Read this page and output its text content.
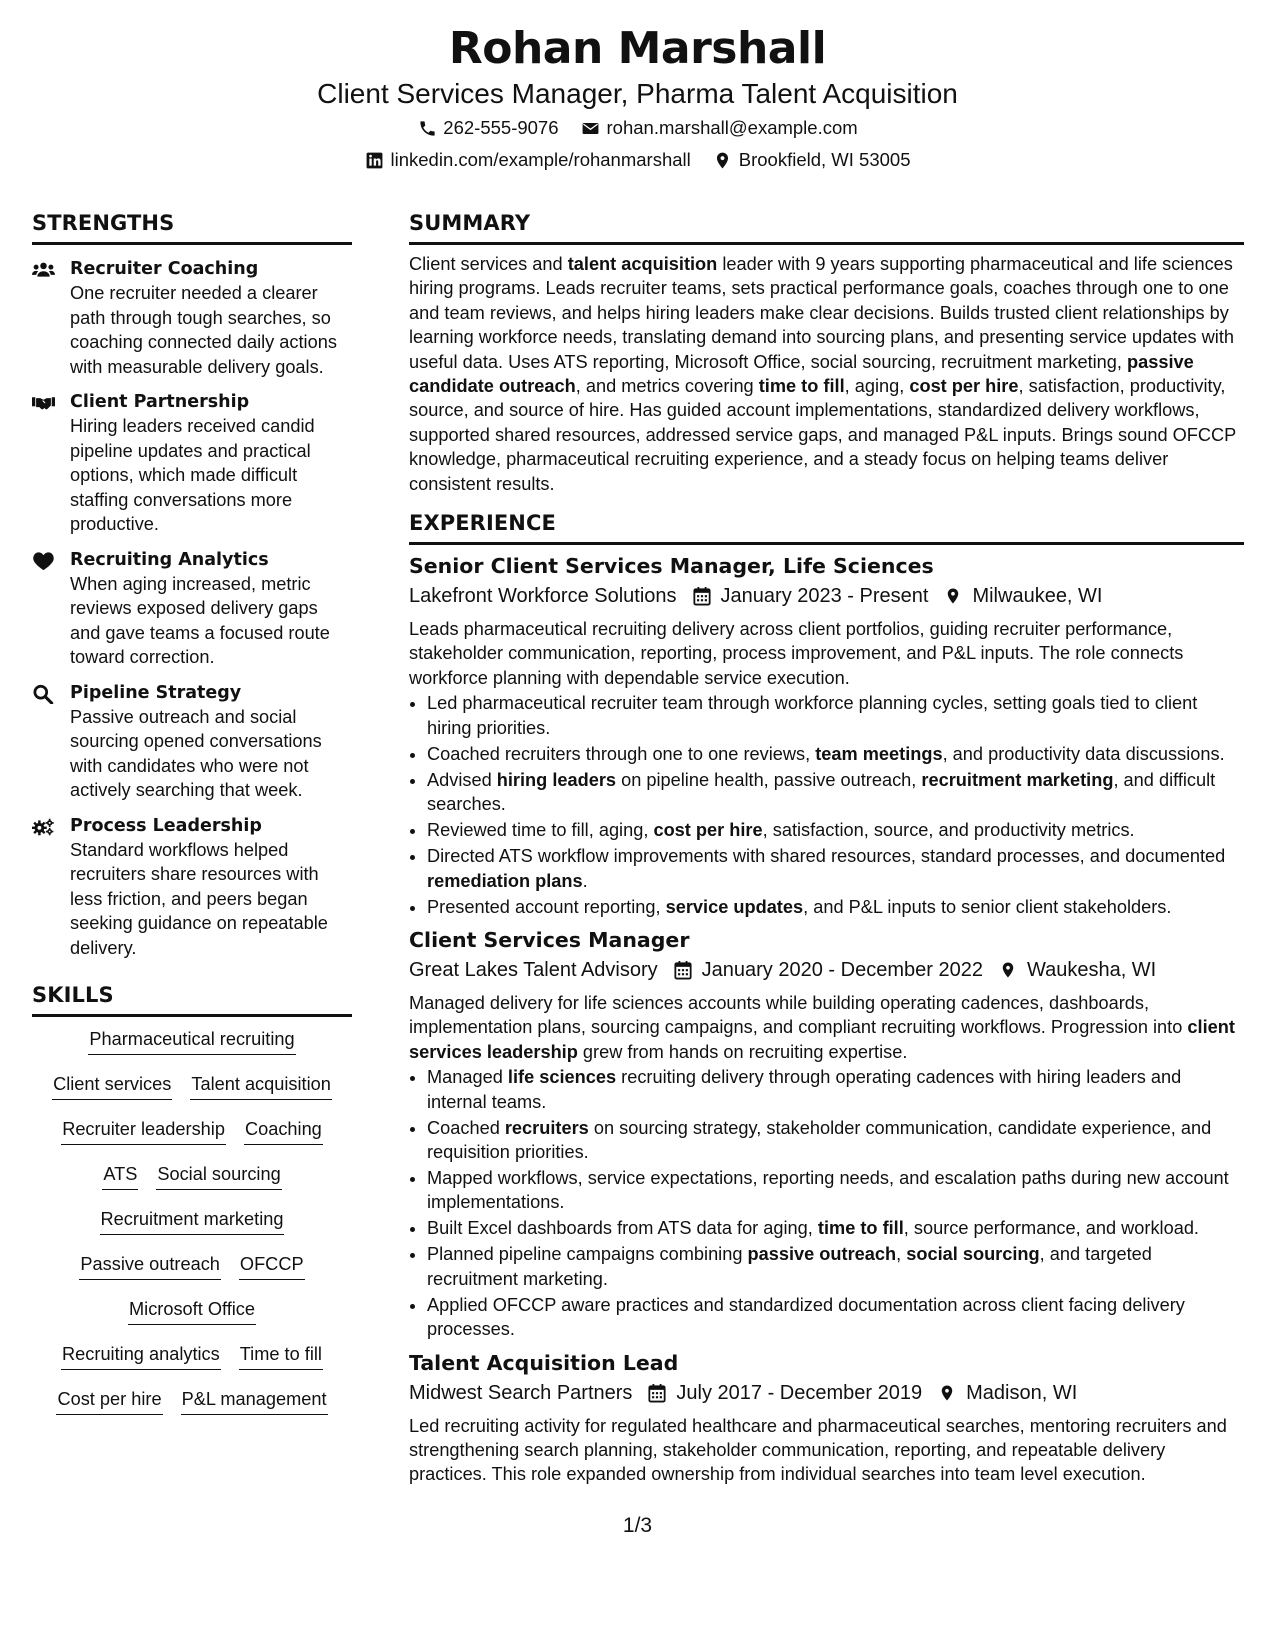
Rohan Marshall
Client Services Manager, Pharma Talent Acquisition
262-555-9076	rohan.marshall@example.com
linkedin.com/example/rohanmarshall	Brookfield, WI 53005
STRENGTHS
Recruiter Coaching
One recruiter needed a clearer path through tough searches, so coaching connected daily actions with measurable delivery goals.
Client Partnership
Hiring leaders received candid pipeline updates and practical options, which made difficult staffing conversations more productive.
Recruiting Analytics
When aging increased, metric reviews exposed delivery gaps and gave teams a focused route toward correction.
Pipeline Strategy
Passive outreach and social sourcing opened conversations with candidates who were not actively searching that week.
Process Leadership
Standard workflows helped recruiters share resources with less friction, and peers began seeking guidance on repeatable delivery.
SKILLS
Pharmaceutical recruiting
Client services Talent acquisition
Recruiter leadership Coaching
ATS Social sourcing
Recruitment marketing
Passive outreach OFCCP
Microsoft Office
Recruiting analytics Time to fill
Cost per hire P&L management
SUMMARY
Client services and talent acquisition leader with 9 years supporting pharmaceutical and life sciences hiring programs. Leads recruiter teams, sets practical performance goals, coaches through one to one and team reviews, and helps hiring leaders make clear decisions. Builds trusted client relationships by learning workforce needs, translating demand into sourcing plans, and presenting service updates with useful data. Uses ATS reporting, Microsoft Office, social sourcing, recruitment marketing, passive candidate outreach, and metrics covering time to fill, aging, cost per hire, satisfaction, productivity, source, and source of hire. Has guided account implementations, standardized delivery workflows, supported shared resources, addressed service gaps, and managed P&L inputs. Brings sound OFCCP knowledge, pharmaceutical recruiting experience, and a steady focus on helping teams deliver consistent results.
EXPERIENCE
Senior Client Services Manager, Life Sciences
Lakefront Workforce Solutions January 2023 - Present Milwaukee, WI
Leads pharmaceutical recruiting delivery across client portfolios, guiding recruiter performance, stakeholder communication, reporting, process improvement, and P&L inputs. The role connects workforce planning with dependable service execution.
• Led pharmaceutical recruiter team through workforce planning cycles, setting goals tied to client hiring priorities.
• Coached recruiters through one to one reviews, team meetings, and productivity data discussions.
• Advised hiring leaders on pipeline health, passive outreach, recruitment marketing, and difficult searches.
• Reviewed time to fill, aging, cost per hire, satisfaction, source, and productivity metrics.
• Directed ATS workflow improvements with shared resources, standard processes, and documented remediation plans.
• Presented account reporting, service updates, and P&L inputs to senior client stakeholders.
Client Services Manager
Great Lakes Talent Advisory January 2020 - December 2022 Waukesha, WI
Managed delivery for life sciences accounts while building operating cadences, dashboards, implementation plans, sourcing campaigns, and compliant recruiting workflows. Progression into client services leadership grew from hands on recruiting expertise.
• Managed life sciences recruiting delivery through operating cadences with hiring leaders and internal teams.
• Coached recruiters on sourcing strategy, stakeholder communication, candidate experience, and requisition priorities.
• Mapped workflows, service expectations, reporting needs, and escalation paths during new account implementations.
• Built Excel dashboards from ATS data for aging, time to fill, source performance, and workload.
• Planned pipeline campaigns combining passive outreach, social sourcing, and targeted recruitment marketing.
• Applied OFCCP aware practices and standardized documentation across client facing delivery processes.
Talent Acquisition Lead
Midwest Search Partners July 2017 - December 2019 Madison, WI
Led recruiting activity for regulated healthcare and pharmaceutical searches, mentoring recruiters and strengthening search planning, stakeholder communication, reporting, and repeatable delivery practices. This role expanded ownership from individual searches into team level execution.
1/3
